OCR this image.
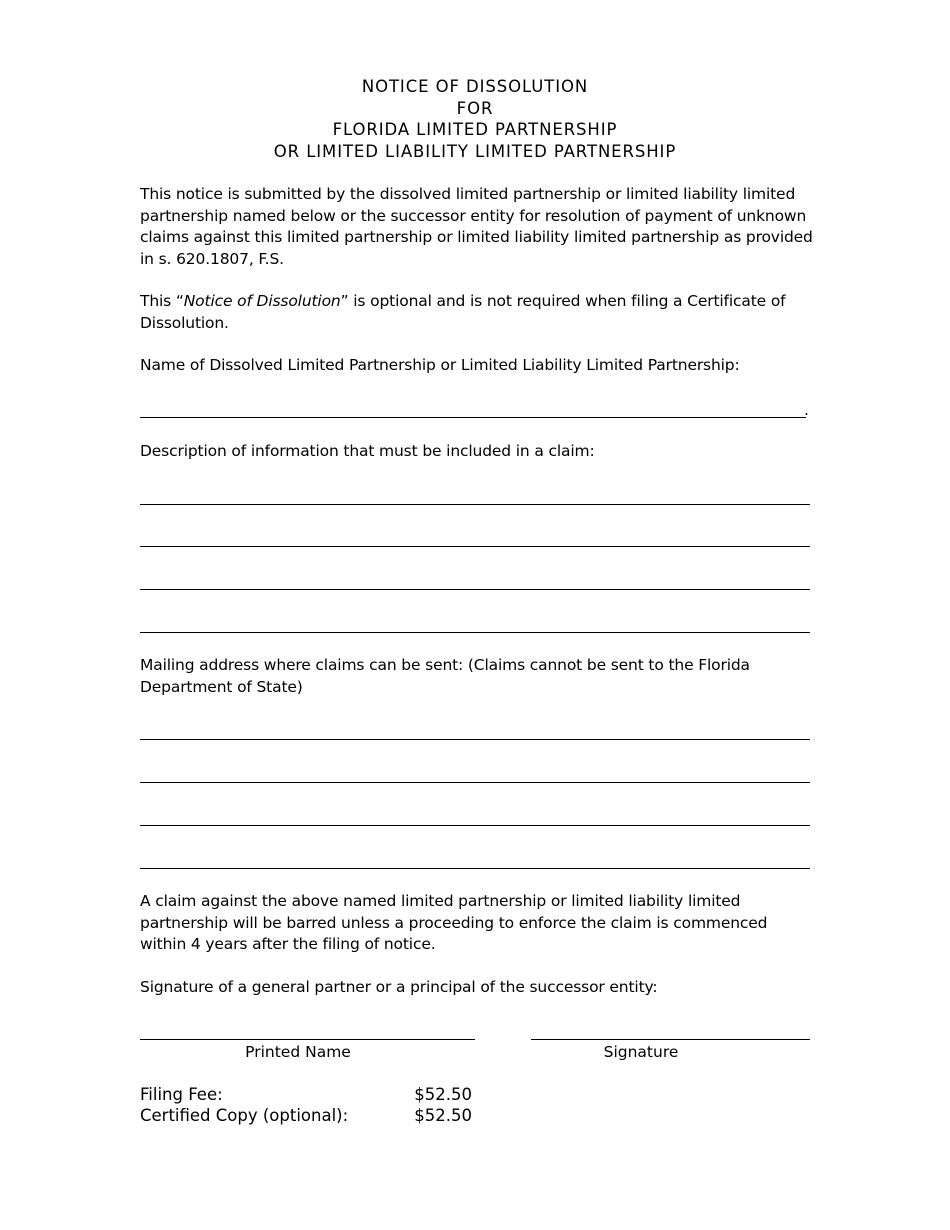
NOTICE OF DISSOLUTION
FOR
FLORIDA LIMITED PARTNERSHIP
OR LIMITED LIABILITY LIMITED PARTNERSHIP

This notice is submitted by the dissolved limited partnership or limited liability limited partnership named below or the successor entity for resolution of payment of unknown claims against this limited partnership or limited liability limited partnership as provided in s. 620.1807, F.S.

This “Notice of Dissolution” is optional and is not required when filing a Certificate of Dissolution.

Name of Dissolved Limited Partnership or Limited Liability Limited Partnership:

.

Description of information that must be included in a claim:

Mailing address where claims can be sent: (Claims cannot be sent to the Florida Department of State)

A claim against the above named limited partnership or limited liability limited partnership will be barred unless a proceeding to enforce the claim is commenced within 4 years after the filing of notice.

Signature of a general partner or a principal of the successor entity:

Printed Name	Signature
Filing Fee:	$52.50
Certified Copy (optional):	$52.50
